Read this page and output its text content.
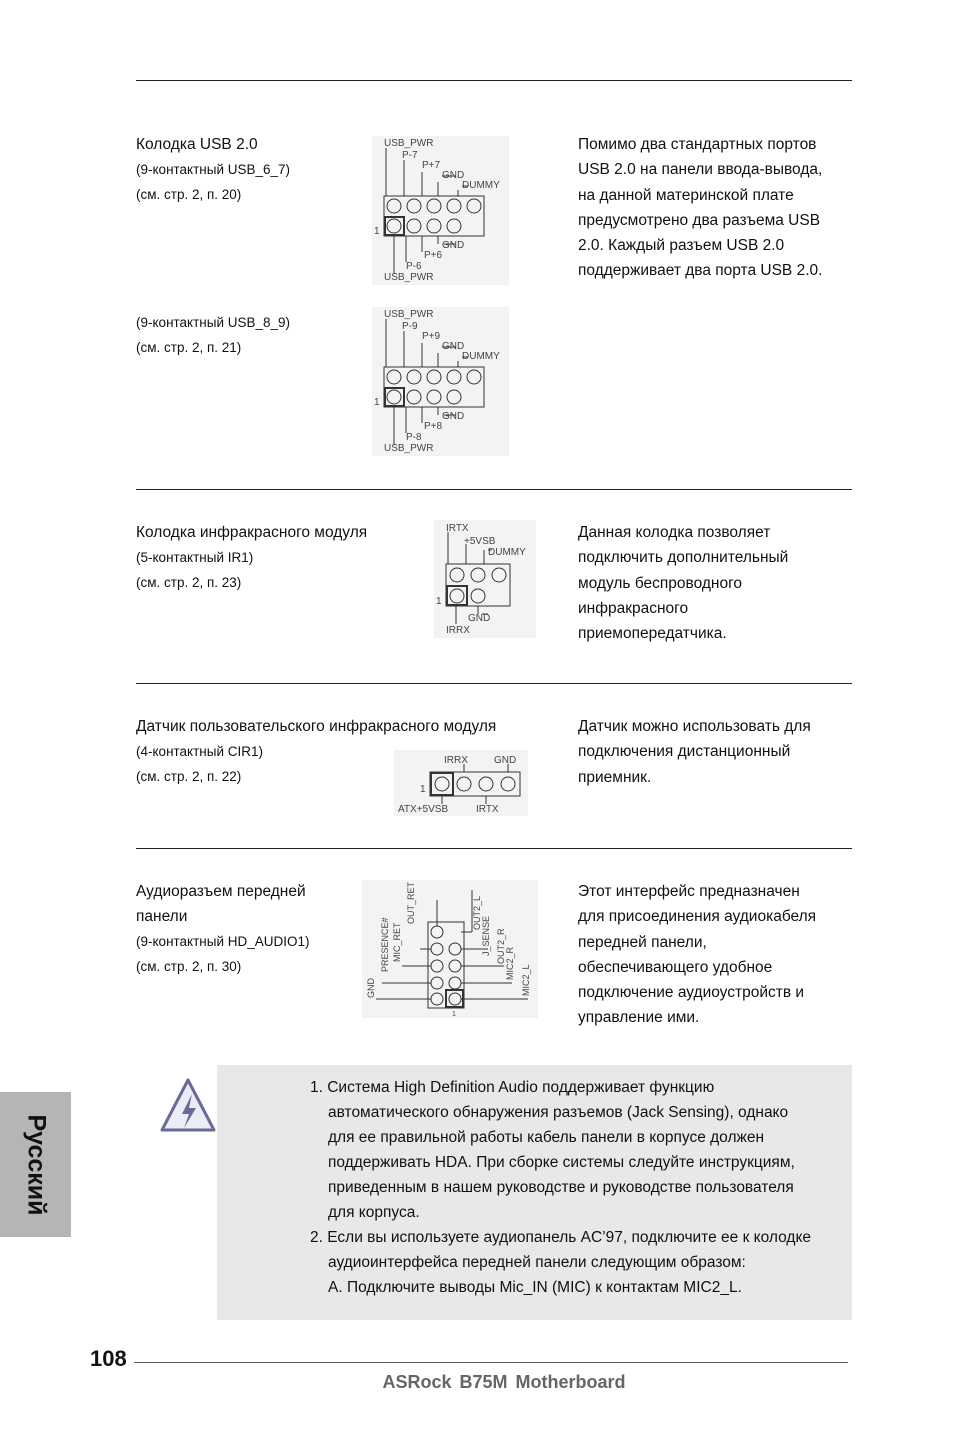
Колодка USB 2.0
(9-контактный USB_6_7)
(см. стр. 2, п. 20)
(9-контактный USB_8_9)
(см. стр. 2, п. 21)
Помимо два стандартных портов
USB 2.0 на панели ввода-вывода,
на данной материнской плате
предусмотрено два разъема USB
2.0. Каждый разъем USB 2.0
поддерживает два порта USB 2.0.
USB_PWR
P-7
P+7
GND
DUMMY
1
GND
P+6
P-6
USB_PWR
USB_PWR
P-9
P+9
GND
DUMMY
1
GND
P+8
P-8
USB_PWR
Колодка инфракрасного модуля
(5-контактный IR1)
(см. стр. 2, п. 23)
Данная колодка позволяет
подключить дополнительный
модуль беспроводного
инфракрасного
приемопередатчика.
IRTX
+5VSB
DUMMY
1
GND
IRRX
Датчик пользовательского инфракрасного модуля
(4-контактный CIR1)
(см. стр. 2, п. 22)
Датчик можно использовать для
подключения дистанционный
приемник.
IRRX	GND
1
ATX+5VSB	IRTX
Аудиоразъем передней
панели
(9-контактный HD_AUDIO1)
(см. стр. 2, п. 30)
Этот интерфейс предназначен
для присоединения аудиокабеля
передней панели,
обеспечивающего удобное
подключение аудиоустройств и
управление ими.
OUT_RET
PRESENCE# MIC_RET
GND
OUT2_L
J_SENSE OUT2_R MIC2_R
MIC2_L
1

1. Система High Definition Audio поддерживает функцию

автоматического обнаружения разъемов (Jack Sensing), однако

для ее правильной работы кабель панели в корпусе должен

поддерживать HDA. При сборке системы следуйте инструкциям,

приведенным в нашем руководстве и руководстве пользователя

для корпуса.

2. Если вы используете аудиопанель AC’97, подключите ее к колодке

аудиоинтерфейса передней панели следующим образом:

A. Подключите выводы Mic_IN (MIC) к контактам MIC2_L.

Русский
108
ASRock B75M Motherboard
